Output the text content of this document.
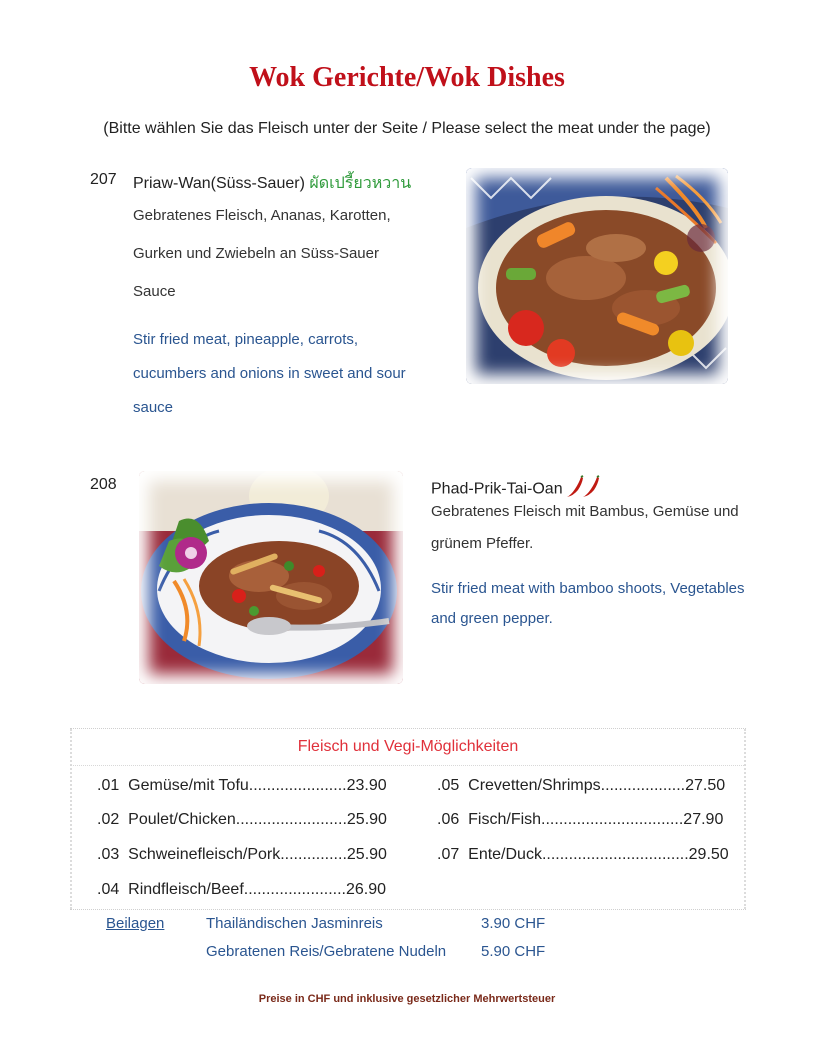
Wok Gerichte/Wok Dishes
(Bitte wählen Sie das Fleisch unter der Seite / Please select the meat under the page)
207 Priaw-Wan(Süss-Sauer) ผัดเปรี้ยวหวาน
Gebratenes Fleisch, Ananas, Karotten, Gurken und Zwiebeln an Süss-Sauer Sauce
Stir fried meat, pineapple, carrots, cucumbers and onions in sweet and sour sauce
208	Phad-Prik-Tai-Oan
Gebratenes Fleisch mit Bambus, Gemüse und grünem Pfeffer.
Stir fried meat with bamboo shoots, Vegetables and green pepper.
Fleisch und Vegi-Möglichkeiten
.01 Gemüse/mit Tofu......................23.90
.02 Poulet/Chicken.........................25.90
.03 Schweinefleisch/Pork...............25.90
.04 Rindfleisch/Beef.......................26.90
.05 Crevetten/Shrimps...................27.50
.06 Fisch/Fish................................27.90
.07 Ente/Duck.................................29.50
Beilagen	Thailändischen Jasminreis	3.90 CHF
Gebratenen Reis/Gebratene Nudeln 5.90 CHF
Preise in CHF und inklusive gesetzlicher Mehrwertsteuer
